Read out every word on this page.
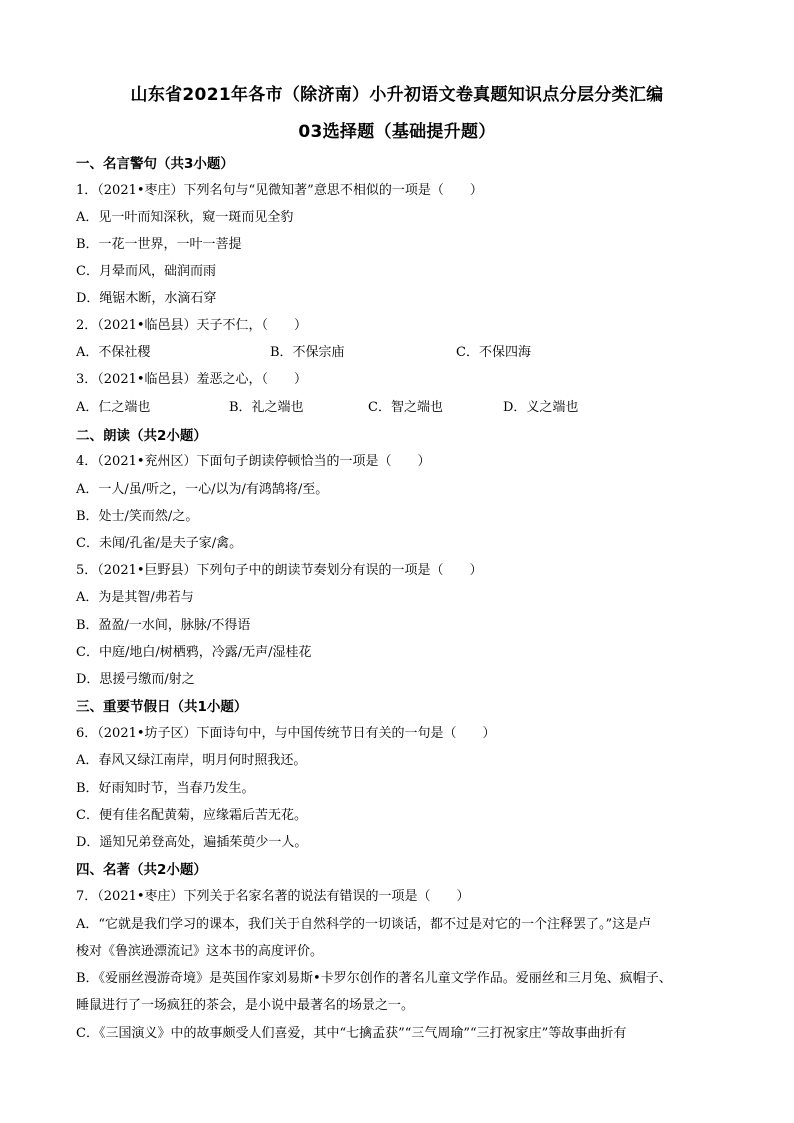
山东省2021年各市（除济南）小升初语文卷真题知识点分层分类汇编
03选择题（基础提升题）
一、名言警句（共3小题）
1．（2021•枣庄）下列名句与“见微知著”意思不相似的一项是（　　）
A．见一叶而知深秋，窥一斑而见全豹
B．一花一世界，一叶一菩提
C．月晕而风，础润而雨
D．绳锯木断，水滴石穿
2．（2021•临邑县）天子不仁，（　　）
A．不保社稷	B．不保宗庙	C．不保四海
3．（2021•临邑县）羞恶之心，（　　）
A．仁之端也	B．礼之端也	C．智之端也	D．义之端也
二、朗读（共2小题）
4．（2021•兖州区）下面句子朗读停顿恰当的一项是（　　）
A．一人/虽/听之，一心/以为/有鸿鹄将/至。
B．处士/笑而然/之。
C．未闻/孔雀/是夫子家/禽。
5．（2021•巨野县）下列句子中的朗读节奏划分有误的一项是（　　）
A．为是其智/弗若与
B．盈盈/一水间，脉脉/不得语
C．中庭/地白/树栖鸦，冷露/无声/湿桂花
D．思援弓缴而/射之
三、重要节假日（共1小题）
6．（2021•坊子区）下面诗句中，与中国传统节日有关的一句是（　　）
A．春风又绿江南岸，明月何时照我还。
B．好雨知时节，当春乃发生。
C．便有佳名配黄菊，应缘霜后苦无花。
D．遥知兄弟登高处，遍插茱萸少一人。
四、名著（共2小题）
7．（2021•枣庄）下列关于名家名著的说法有错误的一项是（　　）
A．“它就是我们学习的课本，我们关于自然科学的一切谈话，都不过是对它的一个注释罢了。”这是卢
梭对《鲁滨逊漂流记》这本书的高度评价。
B．《爱丽丝漫游奇境》是英国作家刘易斯•卡罗尔创作的著名儿童文学作品。爱丽丝和三月兔、疯帽子、
睡鼠进行了一场疯狂的茶会，是小说中最著名的场景之一。
C．《三国演义》中的故事颇受人们喜爱，其中“七擒孟获”“三气周瑜”“三打祝家庄”等故事曲折有
